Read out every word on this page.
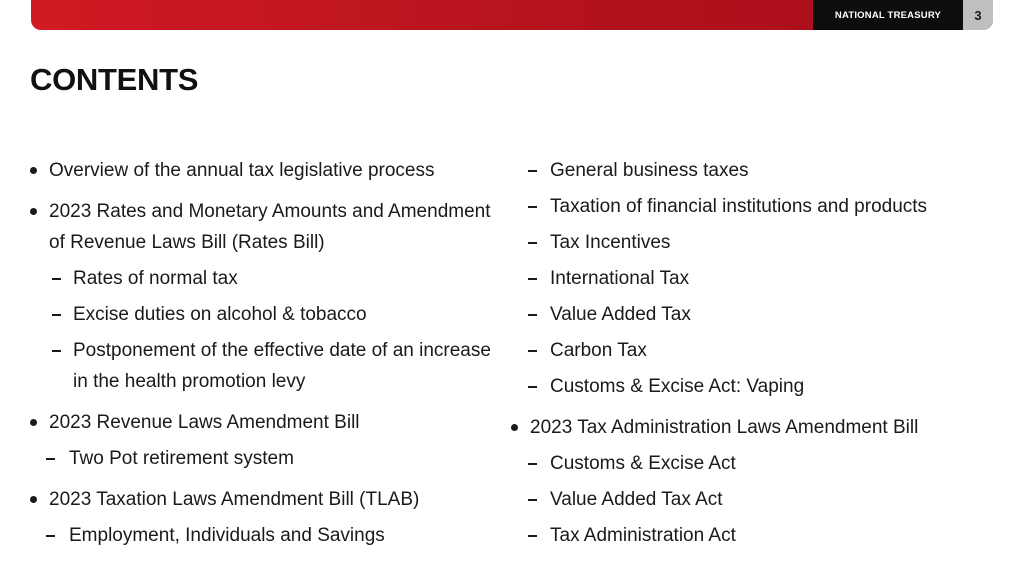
NATIONAL TREASURY	3
CONTENTS
Overview of the annual tax legislative process
2023 Rates and Monetary Amounts and Amendment
of Revenue Laws Bill (Rates Bill)
Rates of normal tax
Excise duties on alcohol & tobacco
Postponement of the effective date of an increase
in the health promotion levy
2023 Revenue Laws Amendment Bill
Two Pot retirement system
2023 Taxation Laws Amendment Bill (TLAB)
Employment, Individuals and Savings
General business taxes
Taxation of financial institutions and products
Tax Incentives
International Tax
Value Added Tax
Carbon Tax
Customs & Excise Act: Vaping
2023 Tax Administration Laws Amendment Bill
Customs & Excise Act
Value Added Tax Act
Tax Administration Act
